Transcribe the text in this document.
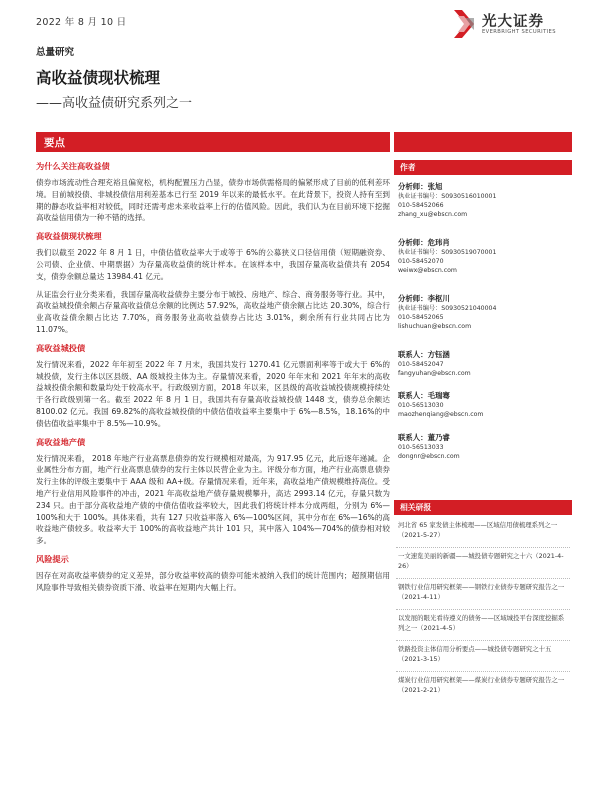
2022 年 8 月 10 日	光大证券
EVERBRIGHT SECURITIES
总量研究
高收益债现状梳理
——高收益债研究系列之一
要点
为什么关注高收益债

债券市场流动性合理充裕且偏宽松，机构配置压力凸显，债券市场供需格局的偏紧形成了目前的低利差环境。目前城投债、非城投债信用利差基本已行至 2019 年以来的最低水平。在此背景下，投资人持有至到期的静态收益率相对较低，同时还需考虑未来收益率上行的估值风险。因此，我们认为在目前环境下挖掘高收益信用债为一种不错的选择。

高收益债现状梳理

我们以截至 2022 年 8 月 1 日，中债估值收益率大于或等于 6%的公募狭义口径信用债（短期融资券、公司债、企业债、中期票据）为存量高收益债的统计样本。在该样本中，我国存量高收益债共有 2054 支，债券余额总量达 13984.41 亿元。

从证监会行业分类来看，我国存量高收益债券主要分布于城投、房地产、综合、商务服务等行业。其中，高收益城投债余额占存量高收益债总余额的比例达 57.92%，高收益地产债余额占比达 20.30%，综合行业高收益债余额占比达 7.70%，商务服务业高收益债券占比达 3.01%，剩余所有行业共同占比为 11.07%。

高收益城投债

发行情况来看，2022 年年初至 2022 年 7 月末，我国共发行 1270.41 亿元票面利率等于或大于 6%的城投债，发行主体以区县级、AA 级城投主体为主。存量情况来看，2020 年年末和 2021 年年末的高收益城投债余额和数量均处于较高水平。行政级别方面，2018 年以来，区县级的高收益城投债规模持续处于各行政级别第一名。截至 2022 年 8 月 1 日，我国共有存量高收益城投债 1448 支，债券总余额达 8100.02 亿元。我国 69.82%的高收益城投债的中债估值收益率主要集中于 6%—8.5%，18.16%的中债估值收益率集中于 8.5%—10.9%。

高收益地产债

发行情况来看， 2018 年地产行业高票息债券的发行规模相对最高，为 917.95 亿元，此后逐年递减。企业属性分布方面，地产行业高票息债券的发行主体以民营企业为主。评级分布方面，地产行业高票息债券发行主体的评级主要集中于 AAA 级和 AA+级。存量情况来看，近年来，高收益地产债规模维持高位。受地产行业信用风险事件的冲击，2021 年高收益地产债存量规模攀升，高达 2993.14 亿元，存量只数为 234 只。由于部分高收益地产债的中债估值收益率较大，因此我们将统计样本分成两组，分别为 6%—100%和大于 100%。具体来看，共有 127 只收益率落入 6%—100%区间，其中分布在 6%—16%的高收益地产债较多。收益率大于 100%的高收益地产共计 101 只，其中落入 104%—704%的债券相对较多。

风险提示

因存在对高收益率债券的定义差异，部分收益率较高的债券可能未被纳入我们的统计范围内；超预期信用风险事件导致相关债券资质下滑、收益率在短期内大幅上行。

作者
分析师：张旭
执业证书编号：S0930516010001
010-58452066
zhang_xu@ebscn.com
分析师：危玮肖
执业证书编号：S0930519070001
010-58452070
weiwx@ebscn.com
分析师：李枢川
执业证书编号：S0930521040004
010-58452065
lishuchuan@ebscn.com
联系人：方钰涵
010-58452047
fangyuhan@ebscn.com
联系人：毛瑞骞
010-56513030
maozhenqiang@ebscn.com
联系人：董乃睿
010-56513033
dongnr@ebscn.com
相关研报
河北省 65 家发债主体梳理——区域信用债梳理系列之一（2021-5-27）
一文速览美丽的新疆——城投债专题研究之十六（2021-4-26）
钢铁行业信用研究框架——钢铁行业债券专题研究报告之一（2021-4-11）
以发展的眼光看待遵义的债务——区域城投平台深度挖掘系列之一（2021-4-5）
铁路投资主体信用分析要点——城投债专题研究之十五（2021-3-15）
煤炭行业信用研究框架——煤炭行业债券专题研究报告之一（2021-2-21）
